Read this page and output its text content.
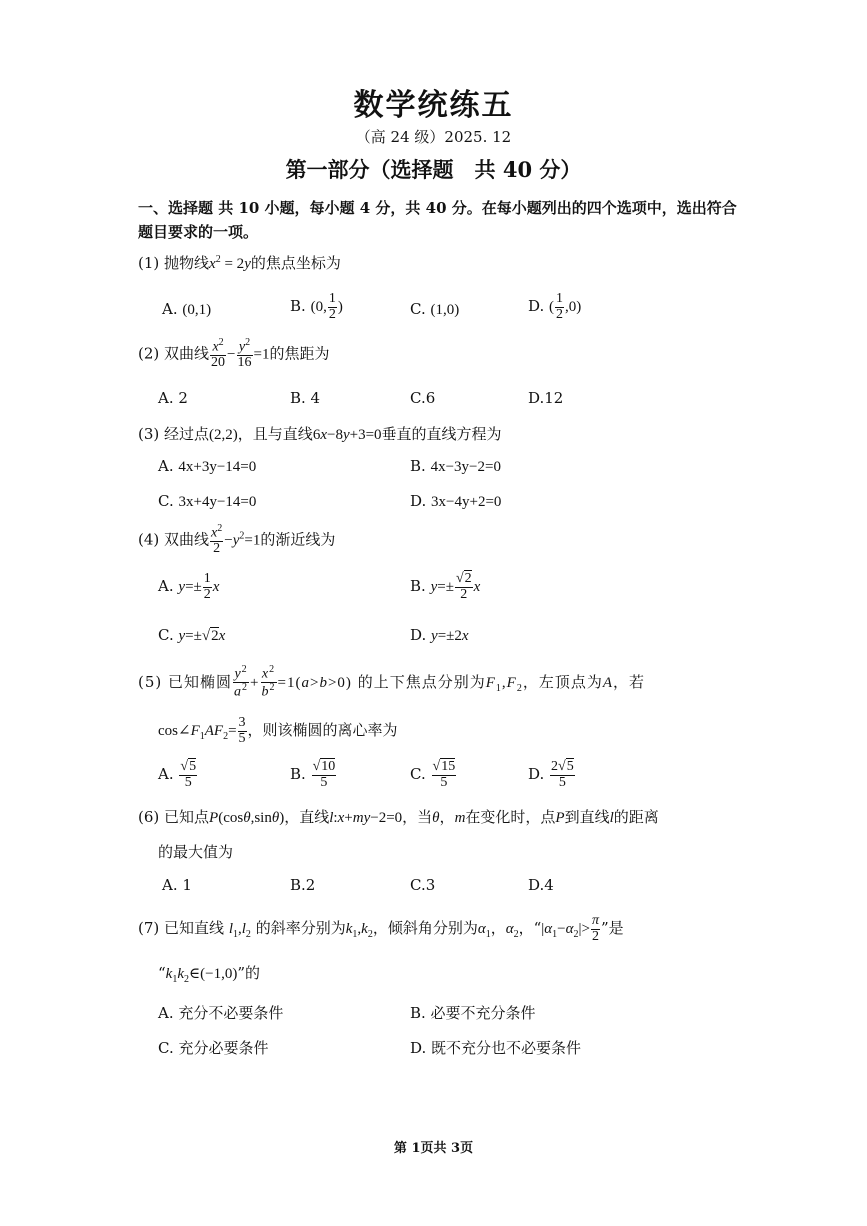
数学统练五
（高 24 级）2025. 12
第一部分（选择题　共 40 分）
一、选择题 共 10 小题，每小题 4 分，共 40 分。在每小题列出的四个选项中，选出符合题目要求的一项。
(1) 抛物线$x^2 = 2y$的焦点坐标为
A. (0,1)	B. (0, $\frac{1}{2}$ )	C. (1,0)	D. ( $\frac{1}{2} ,0$)
(2) 双曲线 $\frac{x^2}{20} - \frac{y^2}{16} =1$的焦距为
A. 2	B. 4	C.6	D.12
(3) 经过点(2,2)，且与直线6x−8y+3=0垂直的直线方程为
A. 4x+3y−14=0	B. 4x−3y−2=0
C. 3x+4y−14=0	D. 3x−4y+2=0
(4) 双曲线 $\frac{x^2}{2} -y^2=1$的渐近线为
A. $y=\pm \frac{1}{2}$ x	B. $y=\pm \frac{√2}{2}$ x
C. y=±√2x	D. y=±2x
(5) 已知椭圆 $\frac{y^2}{a^2} + \frac{x^2}{b^2} =1(a>b>0)$ 的上下焦点分别为$F_1,F_2$，左顶点为A，若
$\cos\angle F_1AF_2= \frac{3}{5}$ ，则该椭圆的离心率为
A. $\frac{√5}{5}$	B. $\frac{√10}{5}$	C. $\frac{√15}{5}$	D. $\frac{2√5}{5}$
(6) 已知点P(cosθ,sinθ)，直线l:x+my−2=0，当θ，m在变化时，点P到直线l的距离
的最大值为
A. 1	B.2	C.3	D.4
(7) 已知直线 $l_1,l_2$ 的斜率分别为$k_1,k_2$，倾斜角分别为$\alpha_1$，$\alpha_2$，“$|\alpha_1-\alpha_2|> \frac{\pi}{2}$ ”是
“$k_1k_2\in(-1,0)$”的
A. 充分不必要条件	B. 必要不充分条件
C. 充分必要条件	D. 既不充分也不必要条件
第 1页共 3页
